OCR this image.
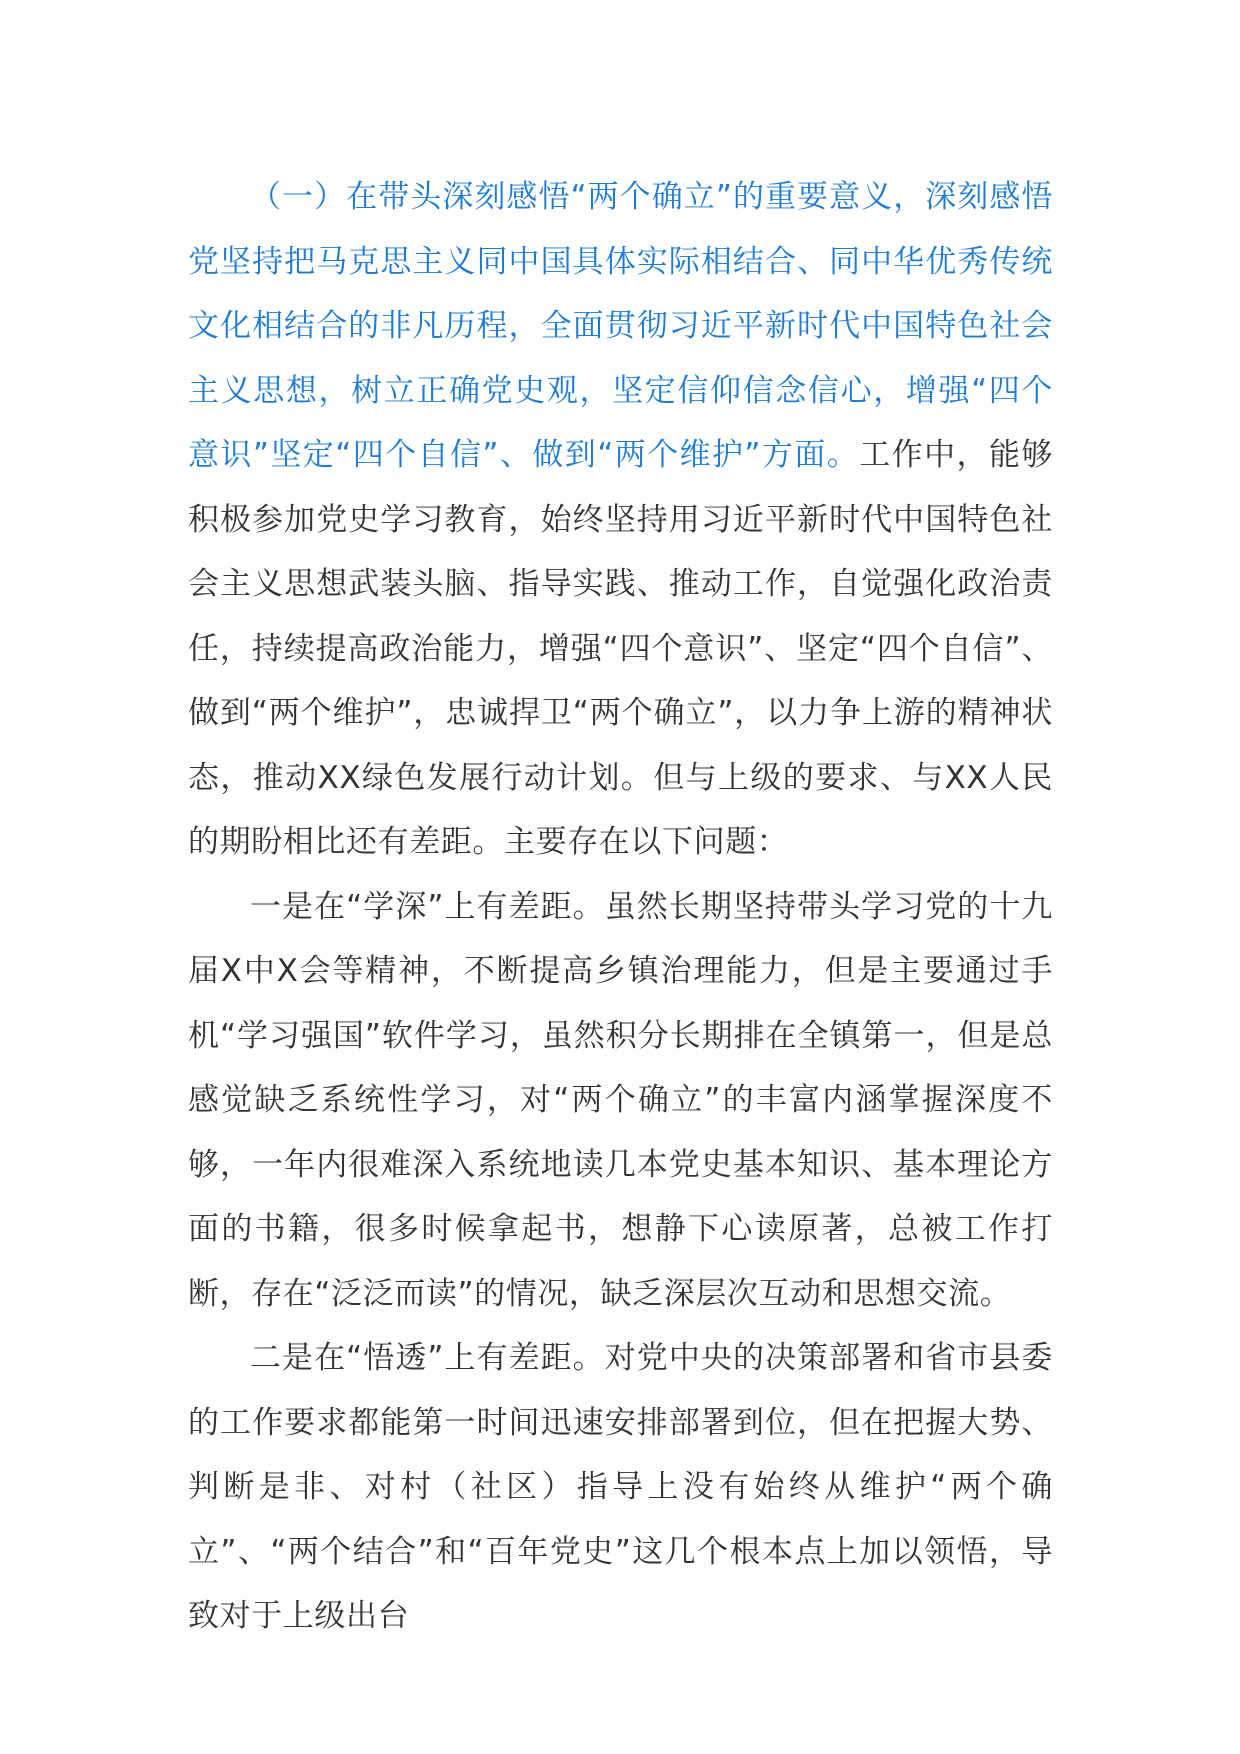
（一）在带头深刻感悟“两个确立”的重要意义，深刻感悟党坚持把马克思主义同中国具体实际相结合、同中华优秀传统文化相结合的非凡历程，全面贯彻习近平新时代中国特色社会主义思想，树立正确党史观，坚定信仰信念信心，增强“四个意识”坚定“四个自信”、做到“两个维护”方面。工作中，能够积极参加党史学习教育，始终坚持用习近平新时代中国特色社会主义思想武装头脑、指导实践、推动工作，自觉强化政治责任，持续提高政治能力，增强“四个意识”、坚定“四个自信”、做到“两个维护”，忠诚捍卫“两个确立”，以力争上游的精神状态，推动XX绿色发展行动计划。但与上级的要求、与XX人民的期盼相比还有差距。主要存在以下问题：

一是在“学深”上有差距。虽然长期坚持带头学习党的十九届X中X会等精神，不断提高乡镇治理能力，但是主要通过手机“学习强国”软件学习，虽然积分长期排在全镇第一，但是总感觉缺乏系统性学习，对“两个确立”的丰富内涵掌握深度不够，一年内很难深入系统地读几本党史基本知识、基本理论方面的书籍，很多时候拿起书，想静下心读原著，总被工作打断，存在“泛泛而读”的情况，缺乏深层次互动和思想交流。

二是在“悟透”上有差距。对党中央的决策部署和省市县委的工作要求都能第一时间迅速安排部署到位，但在把握大势、判断是非、对村（社区）指导上没有始终从维护“两个确立”、“两个结合”和“百年党史”这几个根本点上加以领悟，导致对于上级出台
